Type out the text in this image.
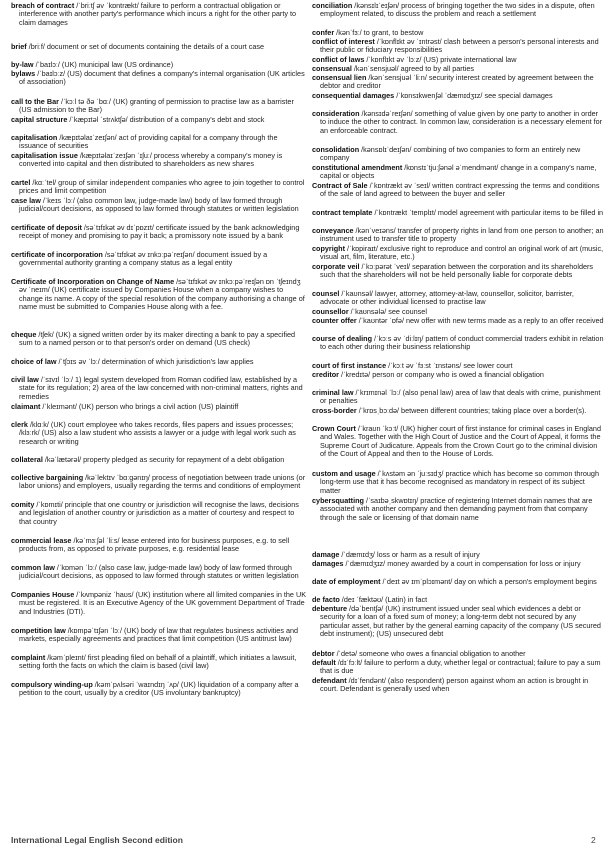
breach of contract /ˈbriːtʃ əv ˈkɒntrækt/ failure to perform a contractual obligation or interference with another party's performance which incurs a right for the other party to claim damages

brief /briːf/ document or set of documents containing the details of a court case

by-law /ˈbaɪlɔː/ (UK) municipal law (US ordinance)

bylaws /ˈbaɪlɔːz/ (US) document that defines a company's internal organisation (UK articles of association)

call to the Bar /ˈkɔːl tə ðə ˈbɑː/ (UK) granting of permission to practise law as a barrister (US admission to the Bar)

capital structure /ˈkæpɪtəl ˈstrʌktʃə/ distribution of a company's debt and stock

capitalisation /kæpɪtəlaɪˈzeɪʃən/ act of providing capital for a company through the issuance of securities

capitalisation issue /kæpɪtəlaɪˈzeɪʃən ˈɪʃuː/ process whereby a company's money is converted into capital and then distributed to shareholders as new shares

cartel /kɑːˈtel/ group of similar independent companies who agree to join together to control prices and limit competition

case law /ˈkeɪs ˈlɔː/ (also common law, judge-made law) body of law formed through judicial/court decisions, as opposed to law formed through statutes or written legislation

certificate of deposit /səˈtɪfɪkət əv dɪˈpɒzɪt/ certificate issued by the bank acknowledging receipt of money and promising to pay it back; a promissory note issued by a bank

certificate of incorporation /səˈtɪfɪkət əv ɪnkɔːpəˈreɪʃən/ document issued by a governmental authority granting a company status as a legal entity

Certificate of Incorporation on Change of Name /səˈtɪfɪkət əv ɪnkɔːpəˈreɪʃən ɒn ˈtʃeɪndʒ əv ˈneɪm/ (UK) certificate issued by Companies House when a company wishes to change its name. A copy of the special resolution of the company authorising a change of name must be submitted to Companies House along with a fee.

cheque /tʃek/ (UK) a signed written order by its maker directing a bank to pay a specified sum to a named person or to that person's order on demand (US check)

choice of law /ˈtʃɔɪs əv ˈlɔː/ determination of which jurisdiction's law applies

civil law /ˈsɪvɪl ˈlɔː/ 1) legal system developed from Roman codified law, established by a state for its regulation; 2) area of the law concerned with non-criminal matters, rights and remedies

claimant /ˈkleɪmənt/ (UK) person who brings a civil action (US) plaintiff

clerk /klɑːk/ (UK) court employee who takes records, files papers and issues processes; /klɜːrk/ (US) also a law student who assists a lawyer or a judge with legal work such as research or writing

collateral /kəˈlætərəl/ property pledged as security for repayment of a debt obligation

collective bargaining /kəˈlektɪv ˈbɑːgənɪŋ/ process of negotiation between trade unions (or labor unions) and employers, usually regarding the terms and conditions of employment

comity /ˈkɒmɪti/ principle that one country or jurisdiction will recognise the laws, decisions and legislation of another country or jurisdiction as a matter of courtesy and respect to that country

commercial lease /kəˈmɜːʃəl ˈliːs/ lease entered into for business purposes, e.g. to sell products from, as opposed to private purposes, e.g. residential lease

common law /ˈkɒmən ˈlɔː/ (also case law, judge-made law) body of law formed through judicial/court decisions, as opposed to law formed through statutes or written legislation

Companies House /ˈkʌmpəniz ˈhaʊs/ (UK) institution where all limited companies in the UK must be registered. It is an Executive Agency of the UK government Department of Trade and Industries (DTI).

competition law /kɒmpəˈtɪʃən ˈlɔː/ (UK) body of law that regulates business activities and markets, especially agreements and practices that limit competition (US antitrust law)

complaint /kəmˈpleɪnt/ first pleading filed on behalf of a plaintiff, which initiates a lawsuit, setting forth the facts on which the claim is based (civil law)

compulsory winding-up /kəmˈpʌlsəri ˈwaɪndɪŋ ˈʌp/ (UK) liquidation of a company after a petition to the court, usually by a creditor (US involuntary bankruptcy)

conciliation /kənsɪlɪˈeɪʃən/ process of bringing together the two sides in a dispute, often employment related, to discuss the problem and reach a settlement

confer /kənˈfɜː/ to grant, to bestow

conflict of interest /ˈkɒnflɪkt əv ˈɪntrəst/ clash between a person's personal interests and their public or fiduciary responsibilities

conflict of laws /ˈkɒnflɪkt əv ˈlɔːz/ (US) private international law

consensual /kənˈsensjuəl/ agreed to by all parties

consensual lien /kənˈsensjuəl ˈliːn/ security interest created by agreement between the debtor and creditor

consequential damages /ˈkɒnsɪkwenʃəl ˈdæmɪdʒɪz/ see special damages

consideration /kənsɪdəˈreɪʃən/ something of value given by one party to another in order to induce the other to contract. In common law, consideration is a necessary element for an enforceable contract.

consolidation /kənsɒlɪˈdeɪʃən/ combining of two companies to form an entirely new company

constitutional amendment /kɒnstɪˈtjuːʃənəl əˈmendmənt/ change in a company's name, capital or objects

Contract of Sale /ˈkɒntrækt əv ˈseɪl/ written contract expressing the terms and conditions of the sale of land agreed to between the buyer and seller

contract template /ˈkɒntrækt ˈtemplɪt/ model agreement with particular items to be filled in

conveyance /kənˈveɪəns/ transfer of property rights in land from one person to another; an instrument used to transfer title to property

copyright /ˈkɒpiraɪt/ exclusive right to reproduce and control an original work of art (music, visual art, film, literature, etc.)

corporate veil /ˈkɔːpərət ˈveɪl/ separation between the corporation and its shareholders such that the shareholders will not be held personally liable for corporate debts

counsel /ˈkaʊnsəl/ lawyer, attorney, attorney-at-law, counsellor, solicitor, barrister, advocate or other individual licensed to practise law

counsellor /ˈkaʊnsələ/ see counsel

counter offer /ˈkaʊntər ˈɒfə/ new offer with new terms made as a reply to an offer received

course of dealing /ˈkɔːs əv ˈdiːlɪŋ/ pattern of conduct commercial traders exhibit in relation to each other during their business relationship

court of first instance /ˈkɔːt əv ˈfɜːst ˈɪnstəns/ see lower court

creditor /ˈkredɪtə/ person or company who is owed a financial obligation

criminal law /ˈkrɪmɪnəl ˈlɔː/ (also penal law) area of law that deals with crime, punishment or penalties

cross-border /ˈkrɒsˌbɔːdə/ between different countries; taking place over a border(s).

Crown Court /ˈkraʊn ˈkɔːt/ (UK) higher court of first instance for criminal cases in England and Wales. Together with the High Court of Justice and the Court of Appeal, it forms the Supreme Court of Judicature. Appeals from the Crown Court go to the criminal division of the Court of Appeal and then to the House of Lords.

custom and usage /ˈkʌstəm ən ˈjuːsɪdʒ/ practice which has become so common through long-term use that it has become recognised as mandatory in respect of its subject matter

cybersquatting /ˈsaɪbəˌskwɒtɪŋ/ practice of registering Internet domain names that are associated with another company and then demanding payment from that company through the sale or licensing of that domain name

damage /ˈdæmɪdʒ/ loss or harm as a result of injury

damages /ˈdæmɪdʒɪz/ money awarded by a court in compensation for loss or injury

date of employment /ˈdeɪt əv ɪmˈplɔɪmənt/ day on which a person's employment begins

de facto /deɪ ˈfæktəʊ/ (Latin) in fact

debenture /dəˈbentʃə/ (UK) instrument issued under seal which evidences a debt or security for a loan of a fixed sum of money; a long-term debt not secured by any particular asset, but rather by the general earning capacity of the company (US secured debt instrument); (US) unsecured debt

debtor /ˈdetə/ someone who owes a financial obligation to another

default /dɪˈfɔːlt/ failure to perform a duty, whether legal or contractual; failure to pay a sum that is due

defendant /dɪˈfendənt/ (also respondent) person against whom an action is brought in court. Defendant is generally used when

International Legal English Second edition	2
